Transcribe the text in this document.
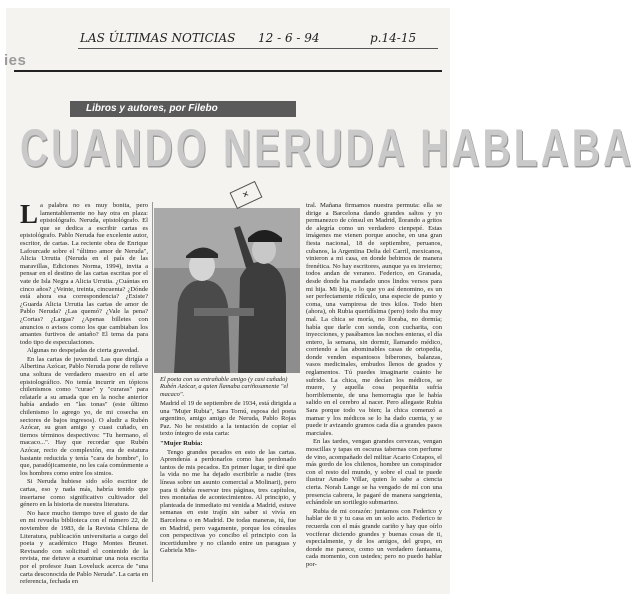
LAS ÚLTIMAS NOTICIAS 12 - 6 - 94	p.14-15
ies
Libros y autores, por Filebo
CUANDO NERUDA HABLABA
L a palabra no es muy bonita, pero lamentablemente no hay otra en plaza: epistológrafo. Neruda, epistológrafo. El que se dedica a escribir cartas es epistológrafo. Pablo Neruda fue excelente autor, escritor, de cartas. La reciente obra de Enrique Lafourcade sobre el "último amor de Neruda", Alicia Urrutia (Neruda en el país de las maravillas, Ediciones Norma, 1994), invita a pensar en el destino de las cartas escritas por el vate de Isla Negra a Alicia Urrutia. ¿Cuántas en cinco años? ¿Veinte, treinta, cincuenta? ¿Dónde está ahora esa correspondencia? ¿Existe? ¿Guarda Alicia Urrutia las cartas de amor de Pablo Neruda? ¿Las quemó? ¿Vale la pena? ¿Cortas? ¿Largas? ¿Apenas billetes con anuncios o avisos como los que cambiaban los amantes furtivos de antaño? El tema da para todo tipo de especulaciones.

Algunas no despejadas de cierta gravedad.

En las cartas de juventud. Las que dirigía a Albertina Azócar, Pablo Neruda pone de relieve una soltura de verdadero maestro en el arte epistolográfico. No temía incurrir en tópicos chilenismos como "curao" y "curaras" para relatarle a su amada que en la noche anterior había andado en "las tonas" (este último chilenismo lo agrego yo, de mi cosecha en sectores de bajos ingresos). O aludir a Rubén Azócar, su gran amigo y cuasi cuñado, en tiernos términos despectivos: "Tu hermano, el macaco...". Hay que recordar que Rubén Azócar, recio de complexión, era de estatura bastante reducida y tenía "cara de hombre", lo que, paradójicamente, no les caía comúnmente a los hombres como entre los simios.

Si Neruda hubiese sido sólo escritor de cartas, eso y nada más, habría tenido que insertarse como significativo cultivador del género en la historia de nuestra literatura.

No hace mucho tiempo tuve el gusto de dar en mi revuelta biblioteca con el número 22, de noviembre de 1983, de la Revista Chilena de Literatura, publicación universitaria a cargo del poeta y académico Hugo Montes Brunet. Revisando con solicitud el contenido de la revista, me detuve a examinar una nota escrita por el profesor Juan Loveluck acerca de "una carta desconocida de Pablo Neruda". La carta en referencia, fechada en

✕
El poeta con su entrañable amigo (y casi cuñado) Rubén Azócar, a quien llamaba cariñosamente "el macaco".

Madrid el 19 de septiembre de 1934, está dirigida a una "Mujer Rubia", Sara Tornú, esposa del poeta argentino, amigo amigo de Neruda, Pablo Rojas Paz. No he resistido a la tentación de copiar el texto íntegro de esta carta:

"Mujer Rubia:

Tengo grandes pecados en esto de las cartas. Aprenderás a perdonarlos como has perdonado tantos de mis pecados. En primer lugar, te diré que la vida no me ha dejado escribirle a nadie (tres líneas sobre un asunto comercial a Molinari), pero para ti debía reservar tres páginas, tres capítulos, tres montañas de acontecimientos. Al principio, y planteada de inmediato mi venida a Madrid, estuve semanas en este trajín sin saber si vivía en Barcelona o en Madrid. De todas maneras, tú, fue en Madrid, pero vagamente, porque los cónsules con perspectivas yo concibo el principio con la incertidumbre y no cilando entre un paraguas y Gabriela Mis-

tral. Mañana firmamos nuestra permuta: ella se dirige a Barcelona dando grandes saltos y yo permanezco de cónsul en Madrid, llorando a gritos de alegría como un verdadero cienpepé. Estas imágenes me vienen porque anoche, en una gran fiesta nacional, 18 de septiembre, peruanos, cubanos, la Argentina Delia del Carril, mexicanos, vinieron a mi casa, en donde bebimos de manera frenética. No hay escritores, aunque ya es invierno; todos andan de veraneo. Federico, en Granada, desde donde ha mandado unos lindos versos para mi hija. Mi hija, o lo que yo así denomino, es un ser perfectamente ridículo, una especie de punto y coma, una vampiresa de tres kilos. Todo bien (ahora), oh Rubia queridísima (pero) todo iba muy mal. La chica se moría, no lloraba, no dormía; había que darle con sonda, con cucharita, con inyecciones, y pasábamos las noches enteras, el día entero, la semana, sin dormir, llamando médico, corriendo a las abominables casas de ortopedia, donde venden espantosos biberones, balanzas, vasos medicinales, embudos llenos de grados y reglamentos. Tú puedes imaginarte cuánto he sufrido. La chica, me decían los médicos, se muere, y aquella cosa pequeñita sufría horriblemente, de una hemorragia que le había salido en el cerebro al nacer. Pero allegaste Rubia Sara porque todo va bien; la chica comenzó a mamar y los médicos se lo ha dado cuenta, y se puede ir avizando gramos cada día a grandes pasos marciales.

En las tardes, vengan grandes cervezas, vengan moscillas y tapas en oscuras tabernas con perfume de vino, acompañado del militar Acario Cotapos, el más gordo de los chilenos, hombre un conspirador con el resto del mundo, y sobre el cual te puede ilustrar Amado Villar, quien lo sabe a ciencia cierta. Norah Lange se ha vengado de mí con una presencia cabrera, le pagaré de manera sangrienta, echándole un sortilegio submarino.

Rubia de mi corazón: juntamos con Federico y hablar de ti y tu casa en un solo acto. Federico te recuerda con el más grande cariño y hay que oírlo vociferar diciendo grandes y buenas cosas de ti, especialmente, y de los amigos, del grupo, en donde me parece, como un verdadero fantasma, cada momento, con ustedes; pero no puedo hablar por-
